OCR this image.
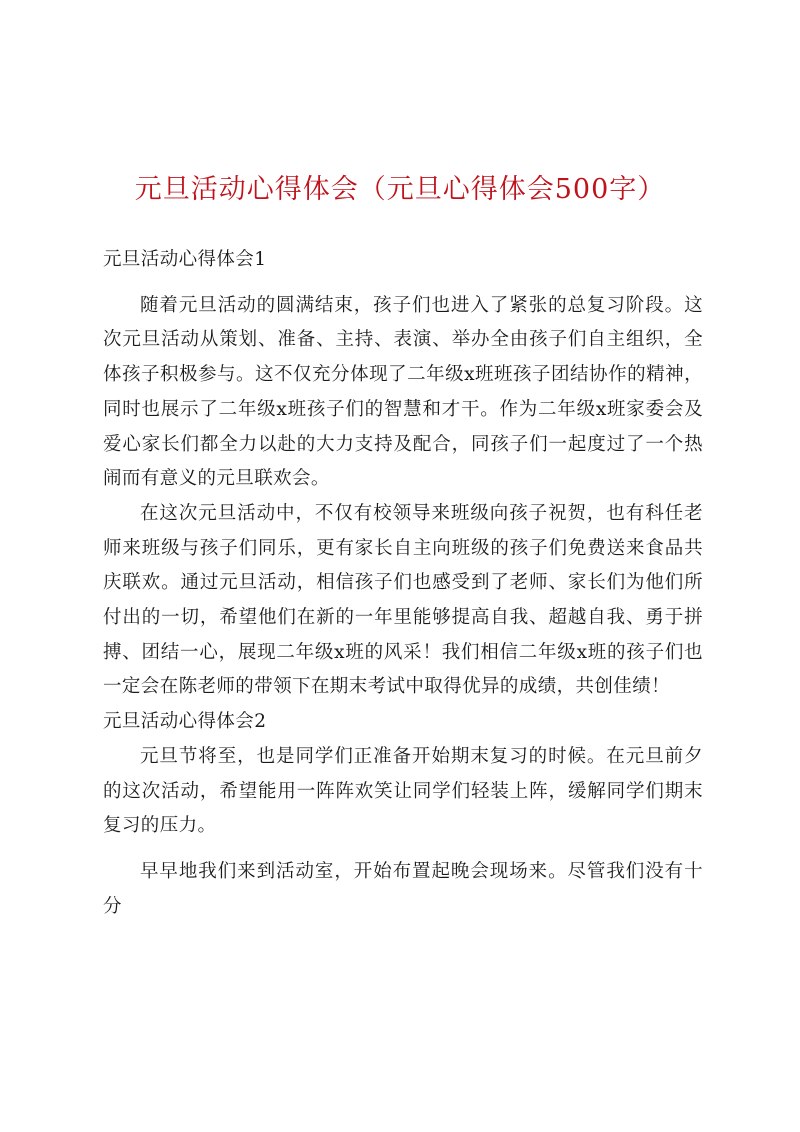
元旦活动心得体会（元旦心得体会500字）
元旦活动心得体会1

随着元旦活动的圆满结束，孩子们也进入了紧张的总复习阶段。这次元旦活动从策划、准备、主持、表演、举办全由孩子们自主组织，全体孩子积极参与。这不仅充分体现了二年级x班班孩子团结协作的精神，同时也展示了二年级x班孩子们的智慧和才干。作为二年级x班家委会及爱心家长们都全力以赴的大力支持及配合，同孩子们一起度过了一个热闹而有意义的元旦联欢会。

在这次元旦活动中，不仅有校领导来班级向孩子祝贺，也有科任老师来班级与孩子们同乐，更有家长自主向班级的孩子们免费送来食品共庆联欢。通过元旦活动，相信孩子们也感受到了老师、家长们为他们所付出的一切，希望他们在新的一年里能够提高自我、超越自我、勇于拼搏、团结一心，展现二年级x班的风采！我们相信二年级x班的孩子们也一定会在陈老师的带领下在期末考试中取得优异的成绩，共创佳绩！

元旦活动心得体会2

元旦节将至，也是同学们正准备开始期末复习的时候。在元旦前夕的这次活动，希望能用一阵阵欢笑让同学们轻装上阵，缓解同学们期末复习的压力。

早早地我们来到活动室，开始布置起晚会现场来。尽管我们没有十分
